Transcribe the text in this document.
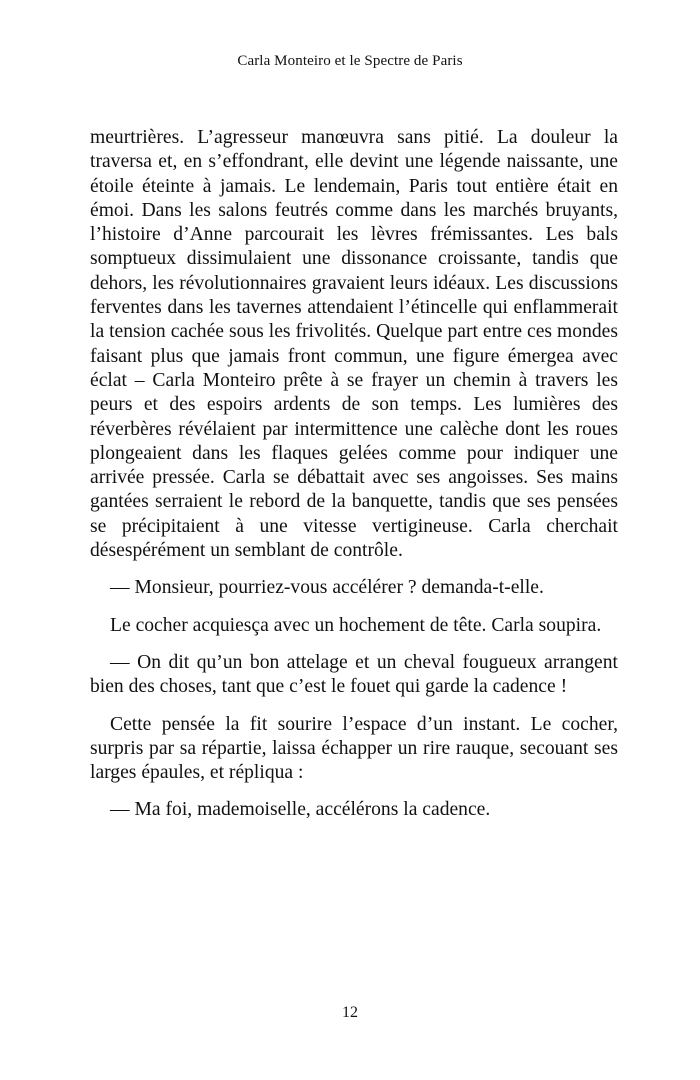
Carla Monteiro et le Spectre de Paris

meurtrières. L’agresseur manœuvra sans pitié. La douleur la traversa et, en s’effondrant, elle devint une légende naissante, une étoile éteinte à jamais. Le lendemain, Paris tout entière était en émoi. Dans les salons feutrés comme dans les marchés bruyants, l’histoire d’Anne parcourait les lèvres frémissantes. Les bals somptueux dissimulaient une dissonance croissante, tandis que dehors, les révolutionnaires gravaient leurs idéaux. Les discussions ferventes dans les tavernes attendaient l’étincelle qui enflammerait la tension cachée sous les frivolités. Quelque part entre ces mondes faisant plus que jamais front commun, une figure émergea avec éclat – Carla Monteiro prête à se frayer un chemin à travers les peurs et des espoirs ardents de son temps. Les lumières des réverbères révélaient par intermittence une calèche dont les roues plongeaient dans les flaques gelées comme pour indiquer une arrivée pressée. Carla se débattait avec ses angoisses. Ses mains gantées serraient le rebord de la banquette, tandis que ses pensées se précipitaient à une vitesse vertigineuse. Carla cherchait désespérément un semblant de contrôle.

— Monsieur, pourriez-vous accélérer ? demanda-t-elle.

Le cocher acquiesça avec un hochement de tête. Carla soupira.

— On dit qu’un bon attelage et un cheval fougueux arrangent bien des choses, tant que c’est le fouet qui garde la cadence !

Cette pensée la fit sourire l’espace d’un instant. Le cocher, surpris par sa répartie, laissa échapper un rire rauque, secouant ses larges épaules, et répliqua :

— Ma foi, mademoiselle, accélérons la cadence.

12
